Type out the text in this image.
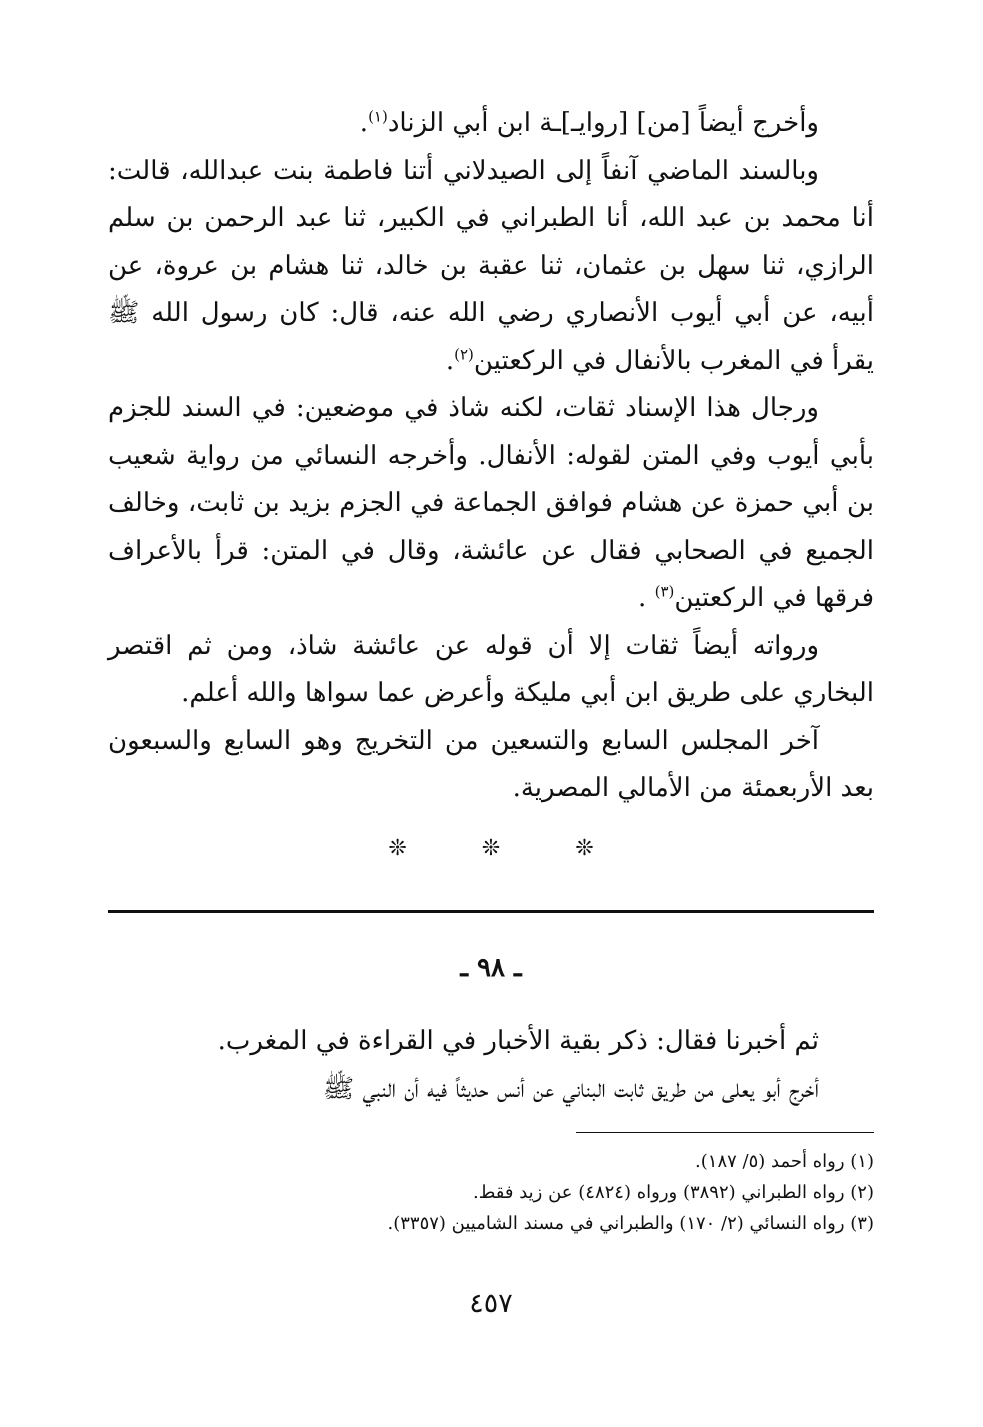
وأخرج أيضاً [من] [روايـ]ـة ابن أبي الزناد$^{(١)}$.

وبالسند الماضي آنفاً إلى الصيدلاني أتنا فاطمة بنت عبدالله، قالت: أنا محمد بن عبد الله، أنا الطبراني في الكبير، ثنا عبد الرحمن بن سلم الرازي، ثنا سهل بن عثمان، ثنا عقبة بن خالد، ثنا هشام بن عروة، عن أبيه، عن أبي أيوب الأنصاري رضي الله عنه، قال: كان رسول الله ﷺ يقرأ في المغرب بالأنفال في الركعتين$^{(٢)}$.

ورجال هذا الإسناد ثقات، لكنه شاذ في موضعين: في السند للجزم بأبي أيوب وفي المتن لقوله: الأنفال. وأخرجه النسائي من رواية شعيب بن أبي حمزة عن هشام فوافق الجماعة في الجزم بزيد بن ثابت، وخالف الجميع في الصحابي فقال عن عائشة، وقال في المتن: قرأ بالأعراف فرقها في الركعتين$^{(٣)}$ .

ورواته أيضاً ثقات إلا أن قوله عن عائشة شاذ، ومن ثم اقتصر البخاري على طريق ابن أبي مليكة وأعرض عما سواها والله أعلم.

آخر المجلس السابع والتسعين من التخريج وهو السابع والسبعون بعد الأربعمئة من الأمالي المصرية.

❊ ❊ ❊
ـ ٩٨ ـ

ثم أخبرنا فقال: ذكر بقية الأخبار في القراءة في المغرب.

أخرج أبو يعلى من طريق ثابت البناني عن أنس حديثاً فيه أن النبي ﷺ

(١) رواه أحمد (٥/ ١٨٧).

(٢) رواه الطبراني (٣٨٩٢) ورواه (٤٨٢٤) عن زيد فقط.

(٣) رواه النسائي (٢/ ١٧٠) والطبراني في مسند الشاميين (٣٣٥٧).

٤٥٧
